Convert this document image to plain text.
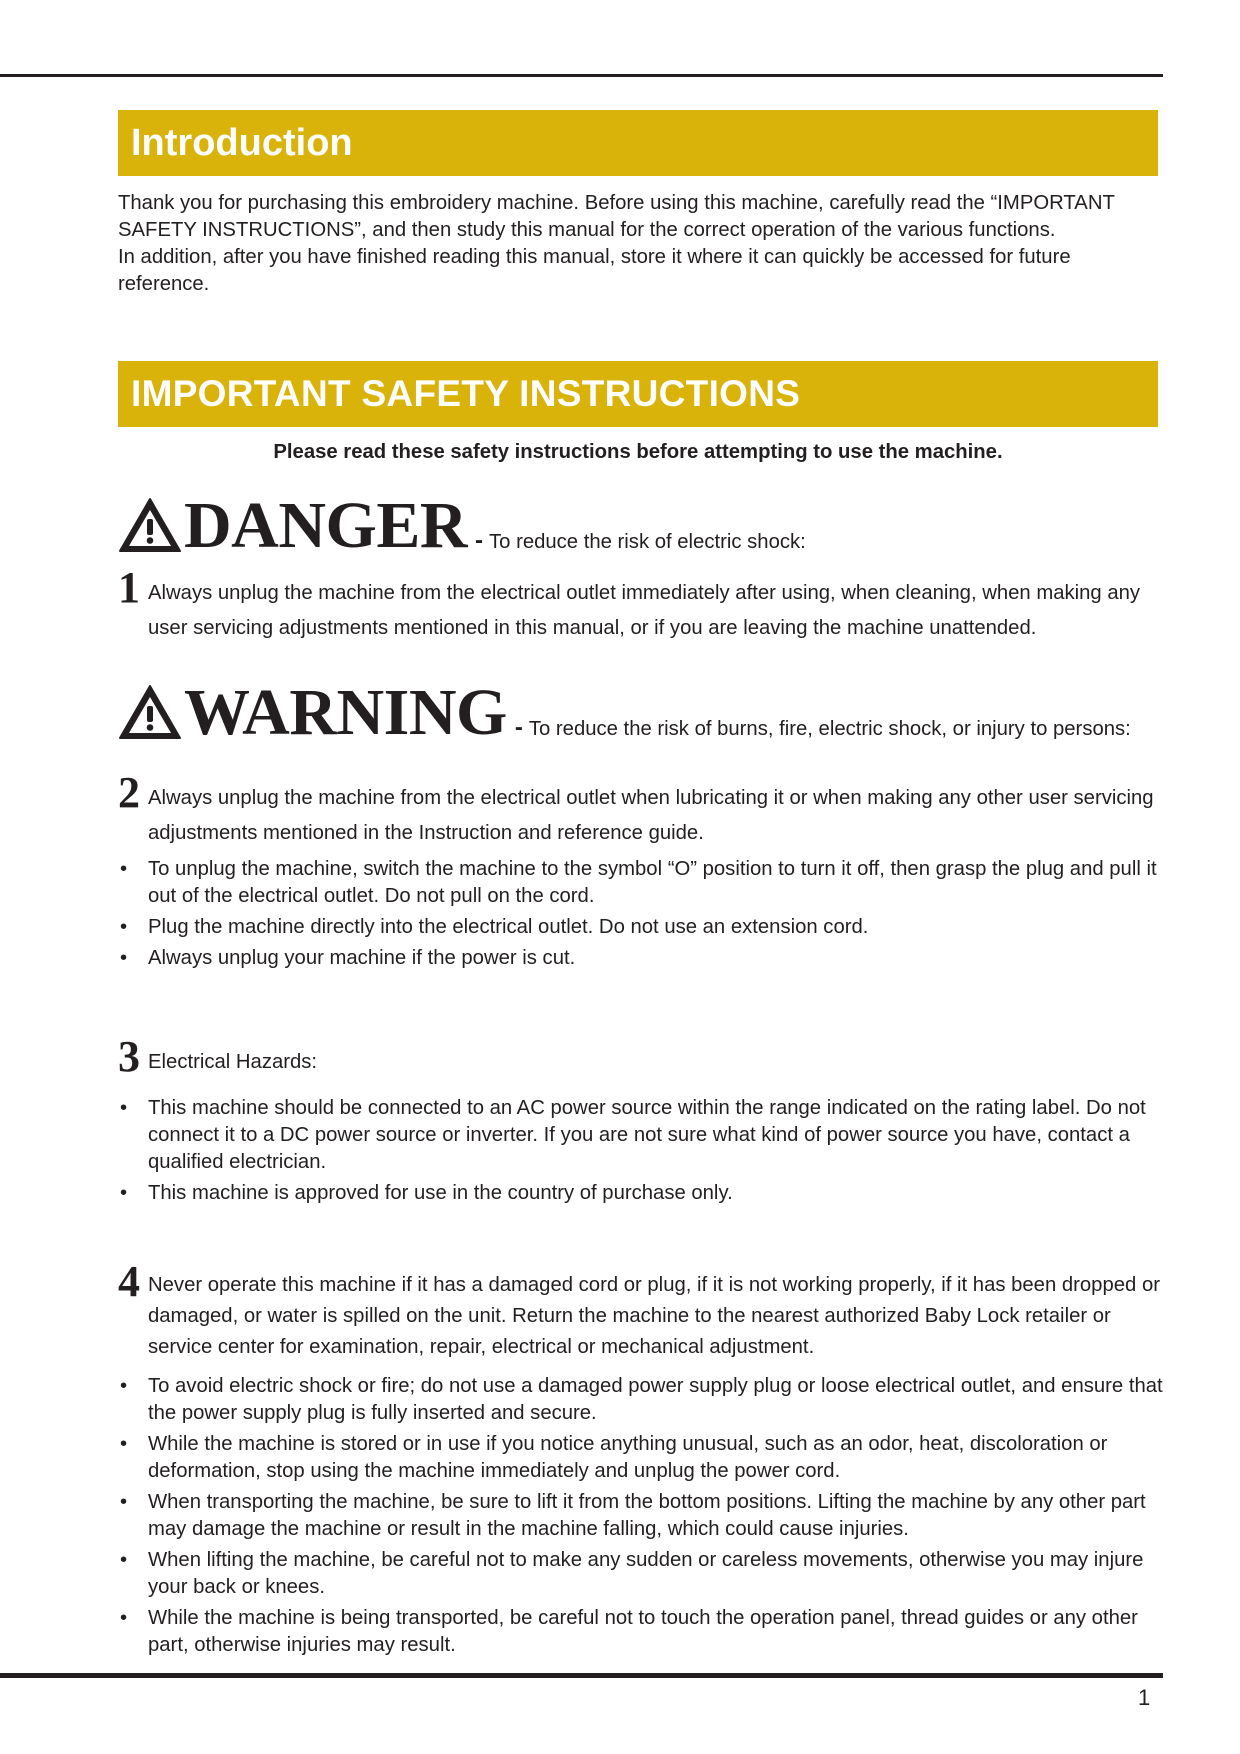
Introduction

Thank you for purchasing this embroidery machine. Before using this machine, carefully read the “IMPORTANT SAFETY INSTRUCTIONS”, and then study this manual for the correct operation of the various functions.

In addition, after you have finished reading this manual, store it where it can quickly be accessed for future reference.

IMPORTANT SAFETY INSTRUCTIONS
Please read these safety instructions before attempting to use the machine.
DANGER - To reduce the risk of electric shock:
1 Always unplug the machine from the electrical outlet immediately after using, when cleaning, when making any user servicing adjustments mentioned in this manual, or if you are leaving the machine unattended.
WARNING - To reduce the risk of burns, fire, electric shock, or injury to persons:
2 Always unplug the machine from the electrical outlet when lubricating it or when making any other user servicing adjustments mentioned in the Instruction and reference guide.
• To unplug the machine, switch the machine to the symbol “O” position to turn it off, then grasp the plug and pull it out of the electrical outlet. Do not pull on the cord.
• Plug the machine directly into the electrical outlet. Do not use an extension cord.
• Always unplug your machine if the power is cut.
3 Electrical Hazards:
• This machine should be connected to an AC power source within the range indicated on the rating label. Do not connect it to a DC power source or inverter. If you are not sure what kind of power source you have, contact a qualified electrician.
• This machine is approved for use in the country of purchase only.
4 Never operate this machine if it has a damaged cord or plug, if it is not working properly, if it has been dropped or damaged, or water is spilled on the unit. Return the machine to the nearest authorized Baby Lock retailer or service center for examination, repair, electrical or mechanical adjustment.
• To avoid electric shock or fire; do not use a damaged power supply plug or loose electrical outlet, and ensure that the power supply plug is fully inserted and secure.
• While the machine is stored or in use if you notice anything unusual, such as an odor, heat, discoloration or deformation, stop using the machine immediately and unplug the power cord.
• When transporting the machine, be sure to lift it from the bottom positions. Lifting the machine by any other part may damage the machine or result in the machine falling, which could cause injuries.
• When lifting the machine, be careful not to make any sudden or careless movements, otherwise you may injure your back or knees.
• While the machine is being transported, be careful not to touch the operation panel, thread guides or any other part, otherwise injuries may result.
1
